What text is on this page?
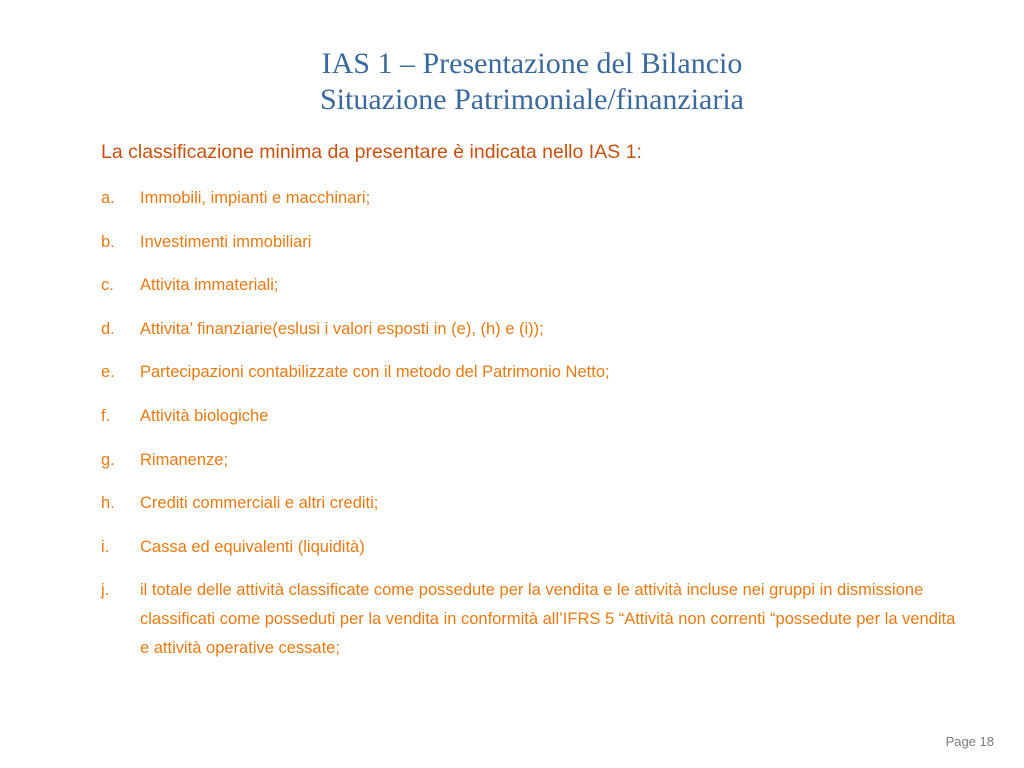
IAS 1 – Presentazione del Bilancio
Situazione Patrimoniale/finanziaria
La classificazione minima da presentare è indicata nello IAS 1:
a. Immobili, impianti e macchinari;
b. Investimenti immobiliari
c. Attivita immateriali;
d. Attivita’ finanziarie(eslusi i valori esposti in (e), (h) e (i));
e. Partecipazioni contabilizzate con il metodo del Patrimonio Netto;
f. Attività biologiche
g. Rimanenze;
h. Crediti commerciali e altri crediti;
i. Cassa ed equivalenti (liquidità)
j. il totale delle attività classificate come possedute per la vendita e le attività incluse nei gruppi in dismissione classificati come posseduti per la vendita in conformità all’IFRS 5 “Attività non correnti “possedute per la vendita e attività operative cessate;
Page 18
